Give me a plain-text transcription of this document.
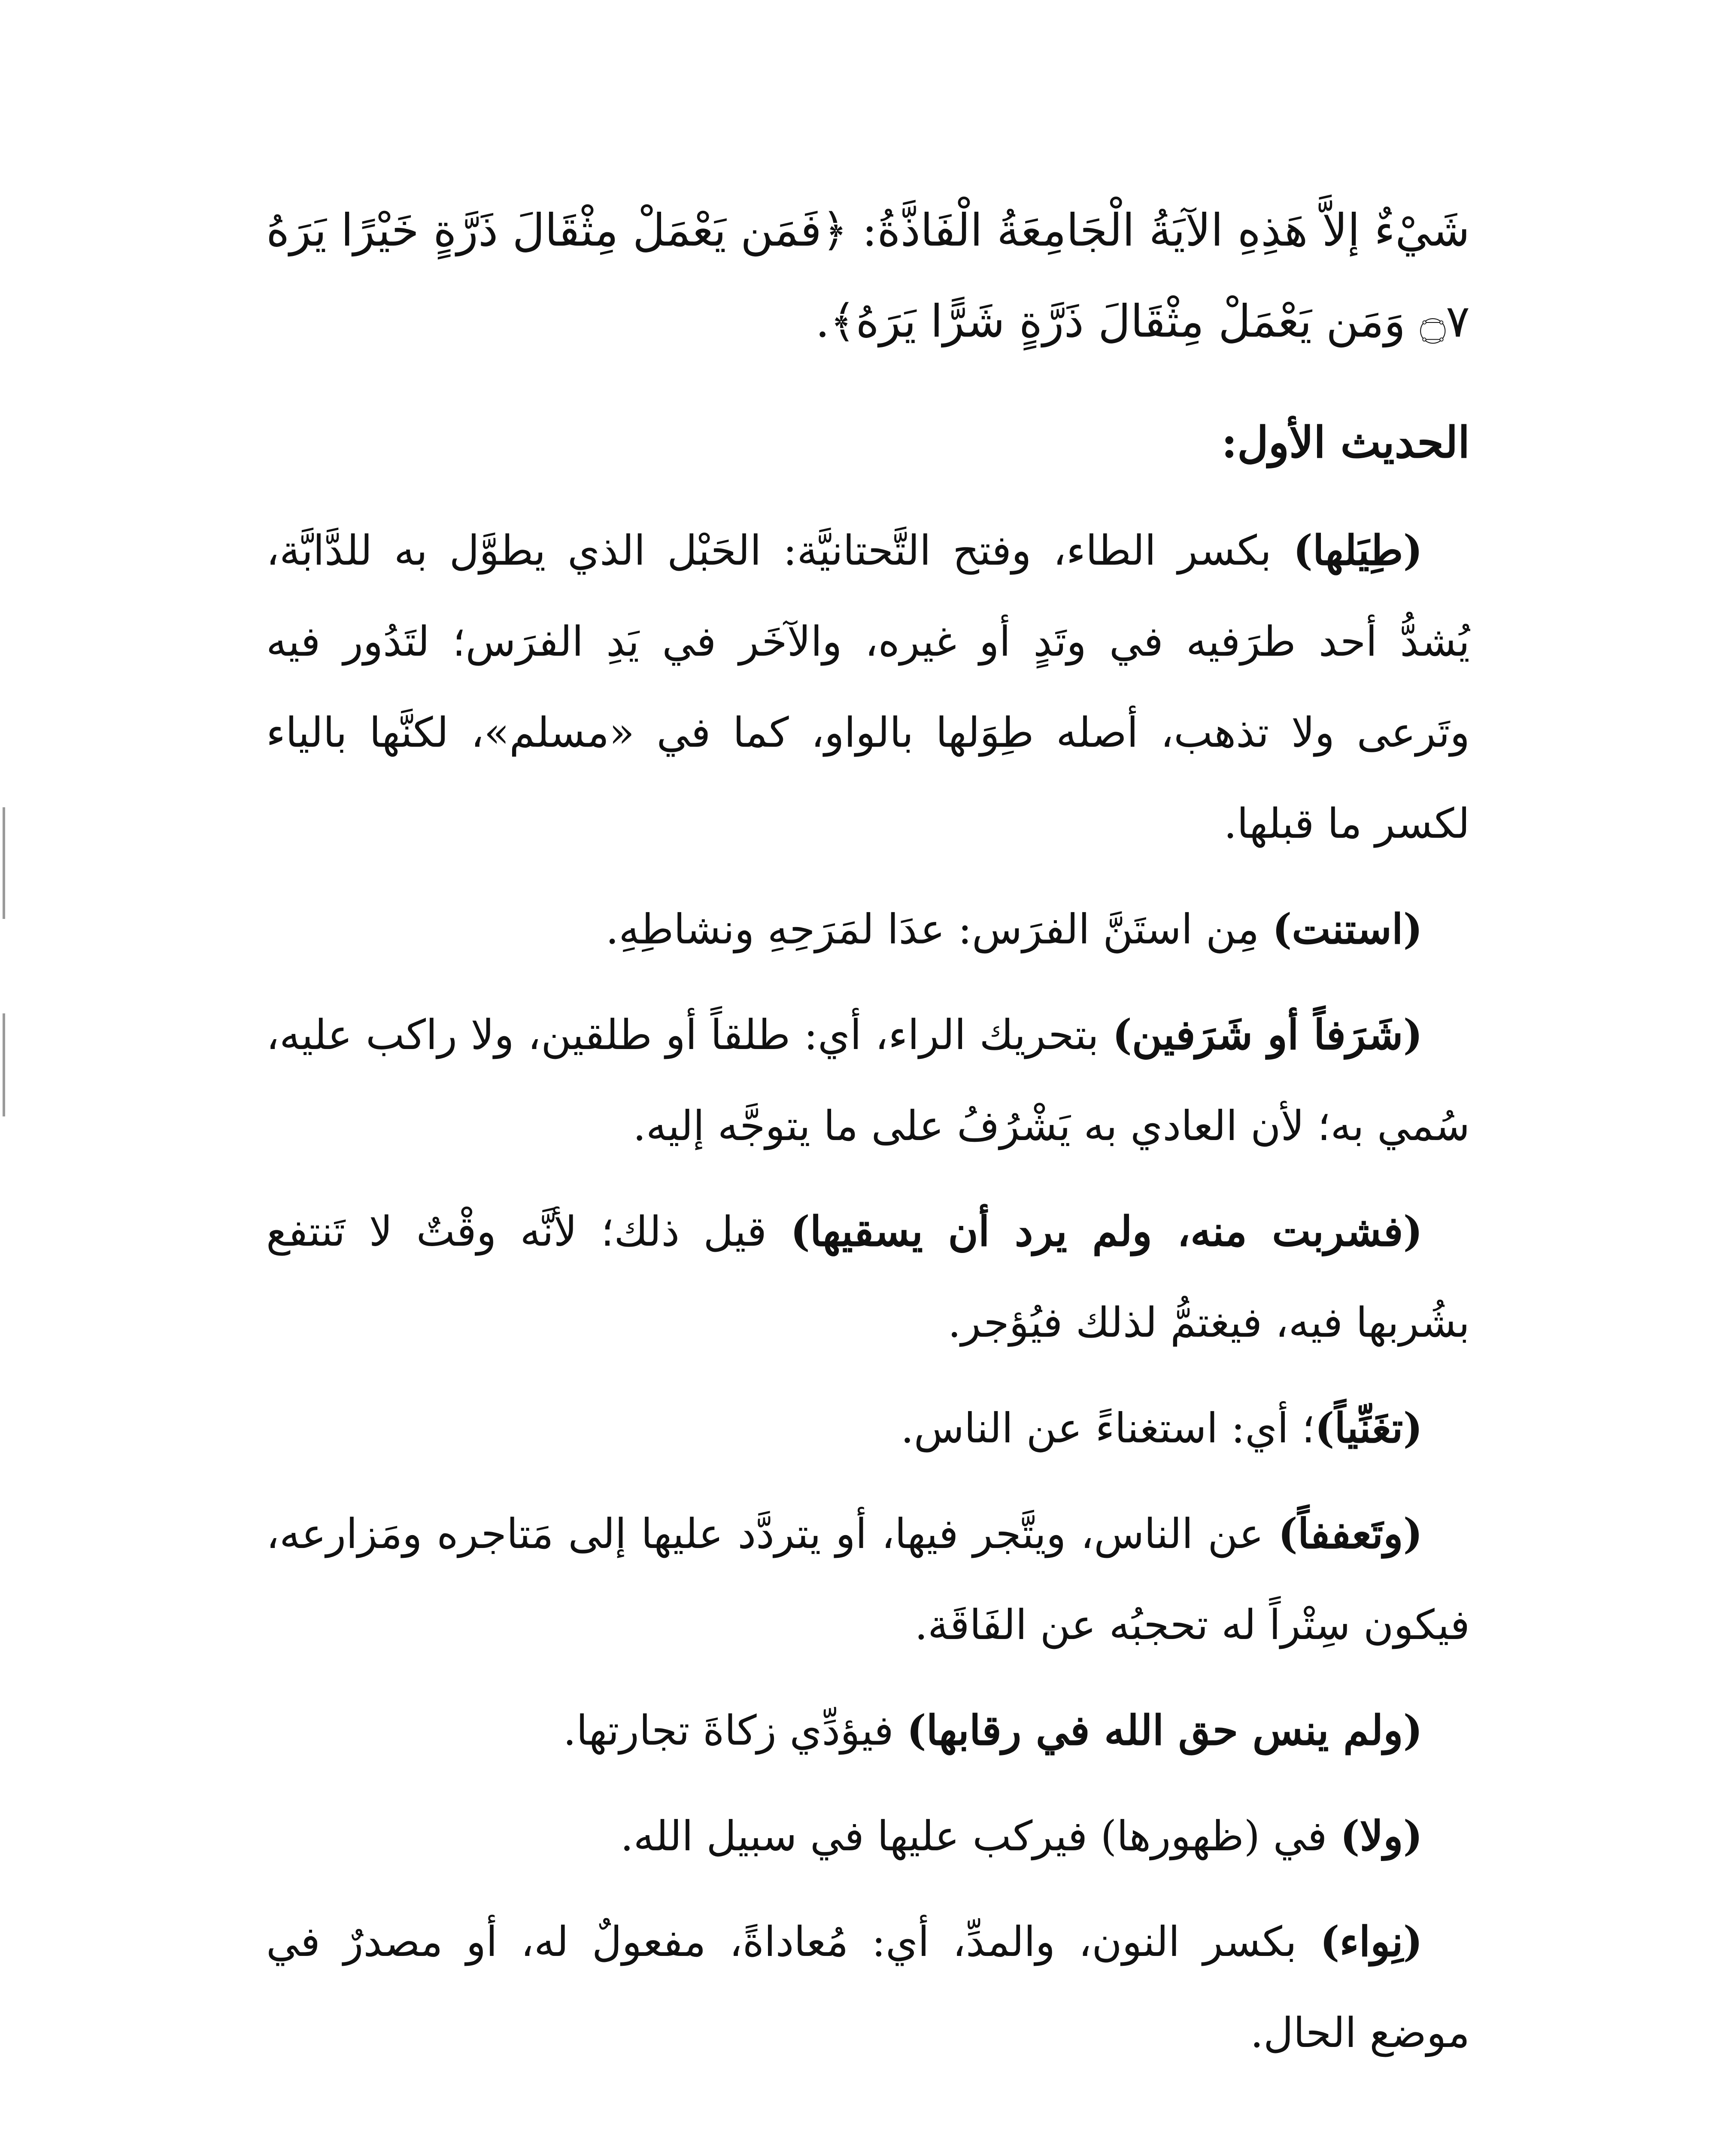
شَيْءٌ إلاَّ هَذِهِ الآيَةُ الْجَامِعَةُ الْفَاذَّةُ: ﴿فَمَن يَعْمَلْ مِثْقَالَ ذَرَّةٍ خَيْرًا يَرَهُ ۝٧ وَمَن يَعْمَلْ مِثْقَالَ ذَرَّةٍ شَرًّا يَرَهُ﴾.

الحديث الأول:

(طِيَلها) بكسر الطاء، وفتح التَّحتانيَّة: الحَبْل الذي يطوَّل به للدَّابَّة، يُشدُّ أحد طرَفيه في وتَدٍ أو غيره، والآخَر في يَدِ الفرَس؛ لتَدُور فيه وتَرعى ولا تذهب، أصله طِوَلها بالواو، كما في «مسلم»، لكنَّها بالياء لكسر ما قبلها.

(استنت) مِن استَنَّ الفرَس: عدَا لمَرَحِهِ ونشاطِهِ.

(شَرَفاً أو شَرَفين) بتحريك الراء، أي: طلقاً أو طلقين، ولا راكب عليه، سُمي به؛ لأن العادي به يَشْرُفُ على ما يتوجَّه إليه.

(فشربت منه، ولم يرد أن يسقيها) قيل ذلك؛ لأنَّه وقْتٌ لا تَنتفع بشُربها فيه، فيغتمُّ لذلك فيُؤجر.

(تغَنِّياً)؛ أي: استغناءً عن الناس.

(وتَعففاً) عن الناس، ويتَّجر فيها، أو يتردَّد عليها إلى مَتاجره ومَزارعه، فيكون سِتْراً له تحجبُه عن الفَاقَة.

(ولم ينس حق الله في رقابها) فيؤدِّي زكاةَ تجارتها.

(ولا) في (ظهورها) فيركب عليها في سبيل الله.

(نِواء) بكسر النون، والمدِّ، أي: مُعاداةً، مفعولٌ له، أو مصدرٌ في موضع الحال.
